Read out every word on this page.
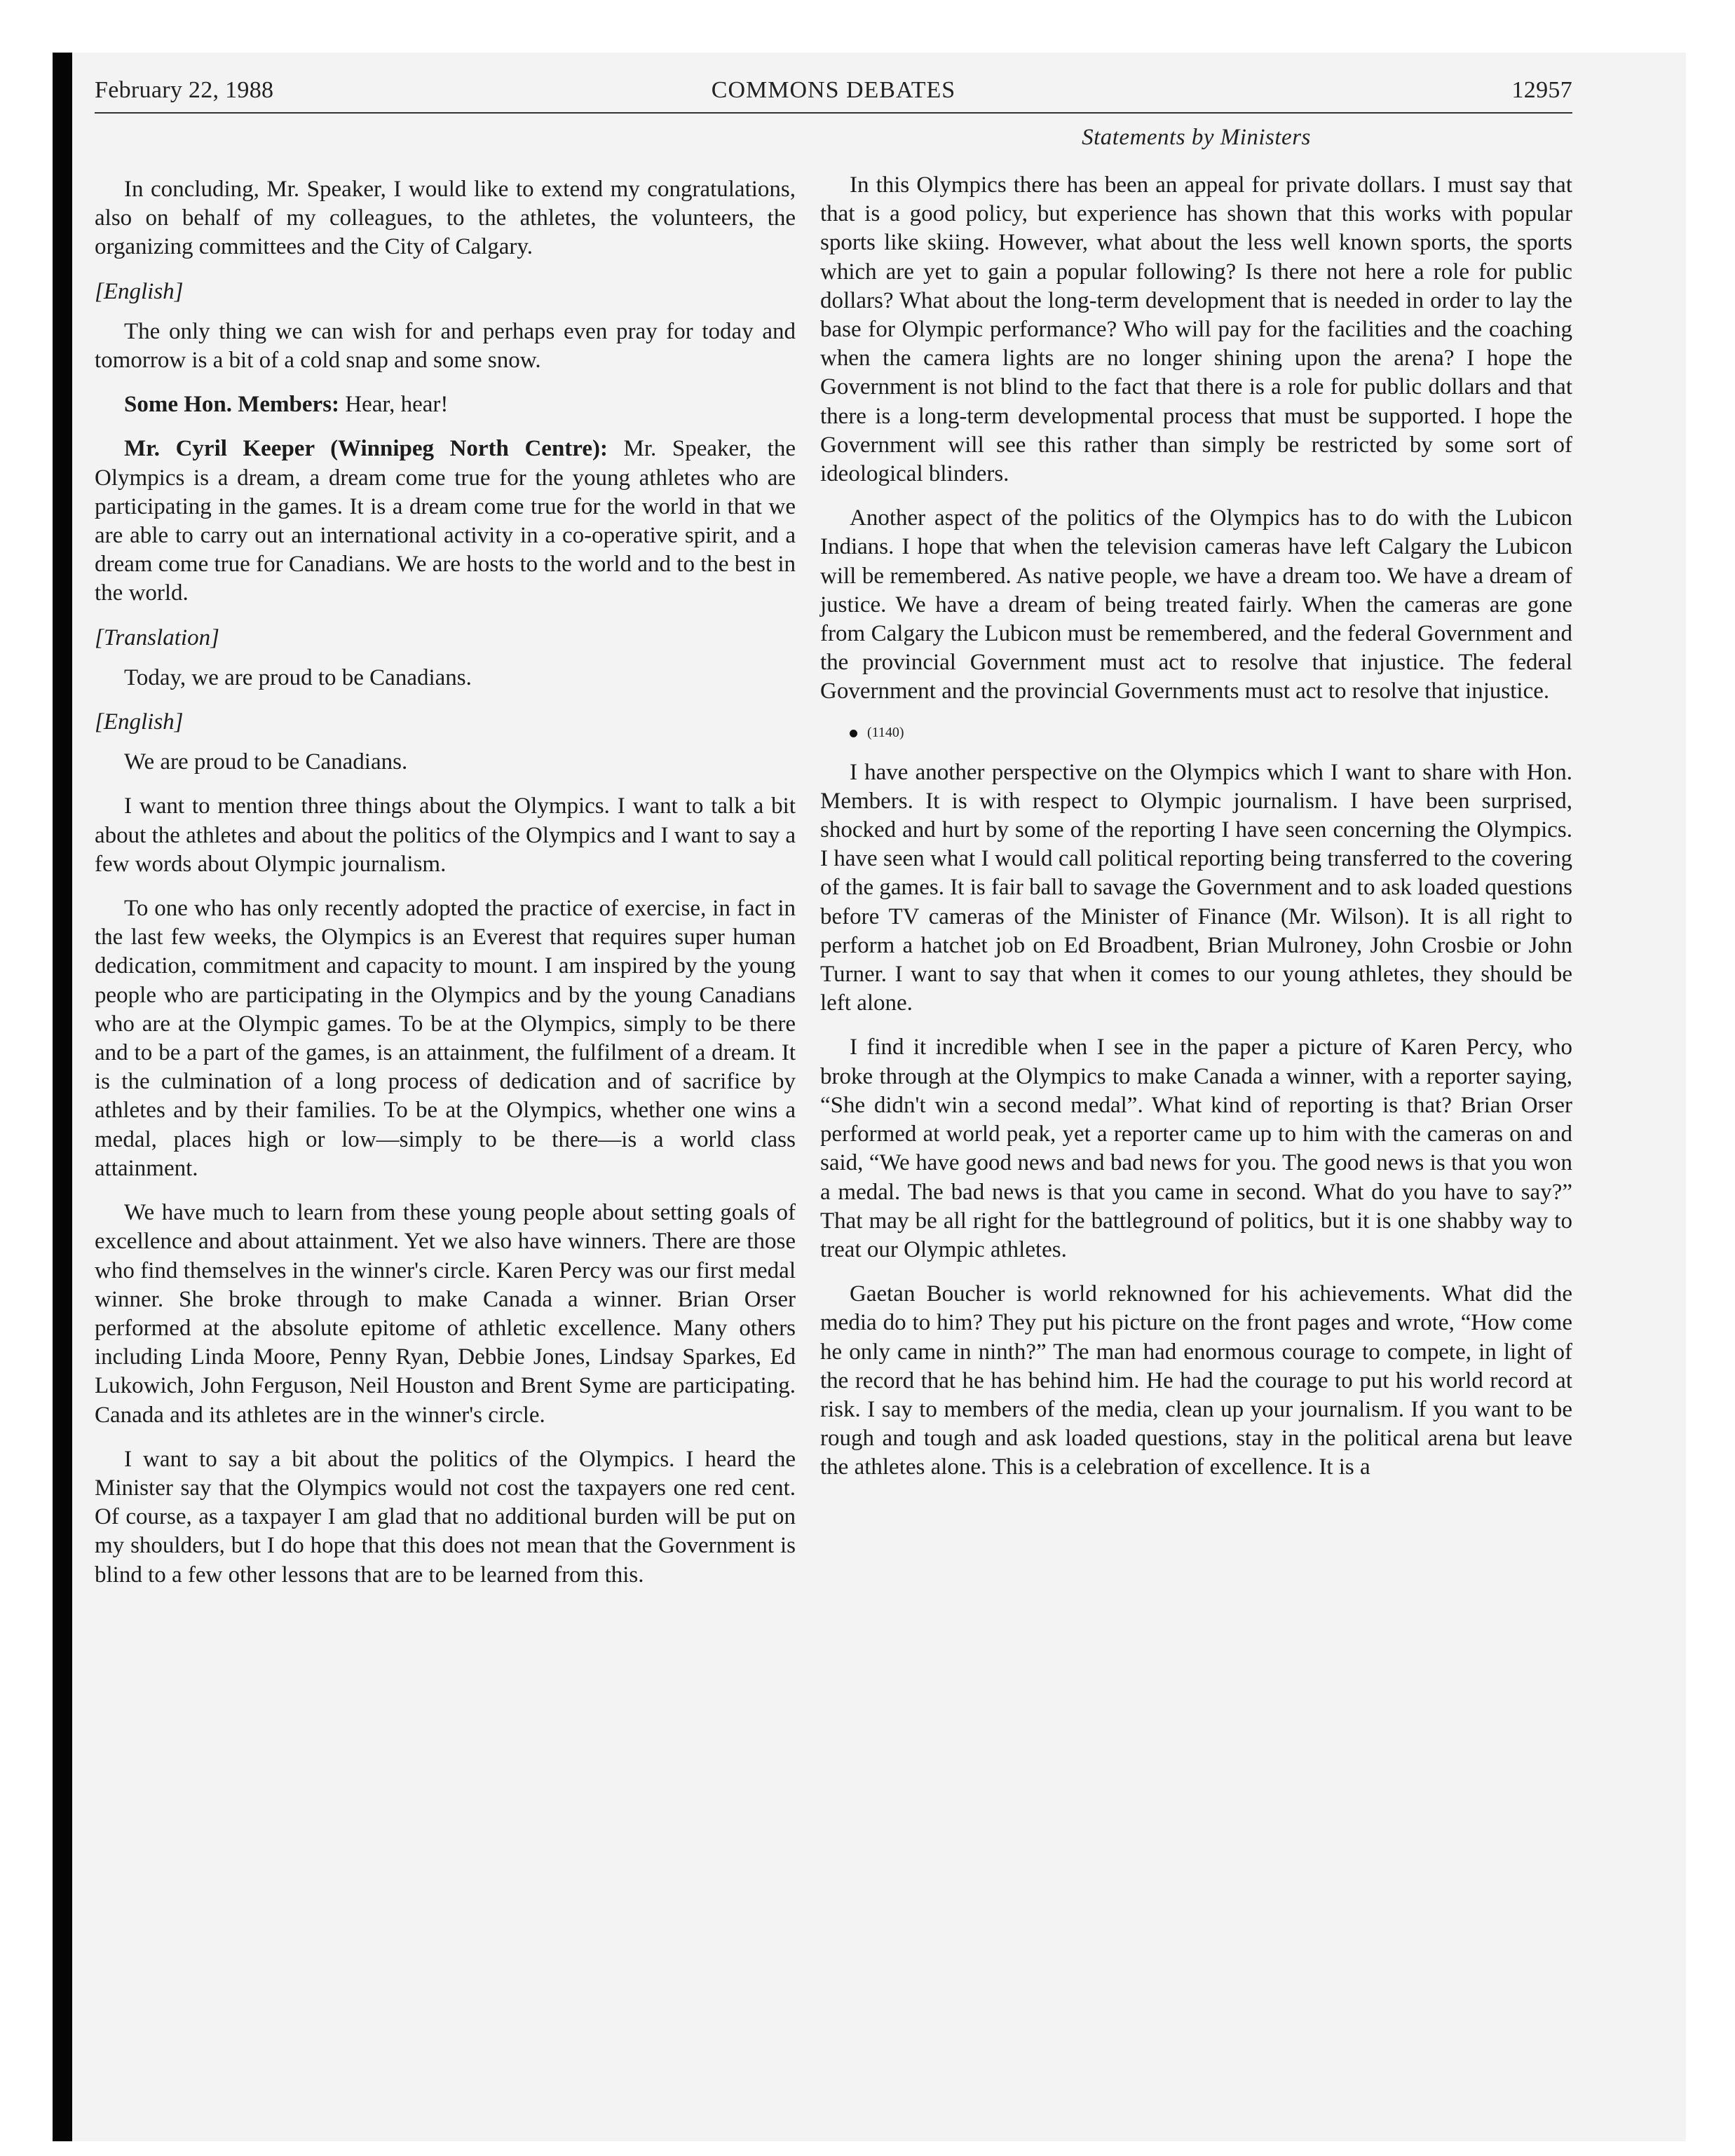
February 22, 1988	COMMONS DEBATES	12957
Statements by Ministers

In concluding, Mr. Speaker, I would like to extend my congratulations, also on behalf of my colleagues, to the athletes, the volunteers, the organizing committees and the City of Calgary.

[English]

The only thing we can wish for and perhaps even pray for today and tomorrow is a bit of a cold snap and some snow.

Some Hon. Members: Hear, hear!

Mr. Cyril Keeper (Winnipeg North Centre): Mr. Speaker, the Olympics is a dream, a dream come true for the young athletes who are participating in the games. It is a dream come true for the world in that we are able to carry out an international activity in a co-operative spirit, and a dream come true for Canadians. We are hosts to the world and to the best in the world.

[Translation]

Today, we are proud to be Canadians.

[English]

We are proud to be Canadians.

I want to mention three things about the Olympics. I want to talk a bit about the athletes and about the politics of the Olympics and I want to say a few words about Olympic journalism.

To one who has only recently adopted the practice of exercise, in fact in the last few weeks, the Olympics is an Everest that requires super human dedication, commitment and capacity to mount. I am inspired by the young people who are participating in the Olympics and by the young Canadians who are at the Olympic games. To be at the Olympics, simply to be there and to be a part of the games, is an attainment, the fulfilment of a dream. It is the culmination of a long process of dedication and of sacrifice by athletes and by their families. To be at the Olympics, whether one wins a medal, places high or low—simply to be there—is a world class attainment.

We have much to learn from these young people about setting goals of excellence and about attainment. Yet we also have winners. There are those who find themselves in the winner's circle. Karen Percy was our first medal winner. She broke through to make Canada a winner. Brian Orser performed at the absolute epitome of athletic excellence. Many others including Linda Moore, Penny Ryan, Debbie Jones, Lindsay Sparkes, Ed Lukowich, John Ferguson, Neil Houston and Brent Syme are participating. Canada and its athletes are in the winner's circle.

I want to say a bit about the politics of the Olympics. I heard the Minister say that the Olympics would not cost the taxpayers one red cent. Of course, as a taxpayer I am glad that no additional burden will be put on my shoulders, but I do hope that this does not mean that the Government is blind to a few other lessons that are to be learned from this.

In this Olympics there has been an appeal for private dollars. I must say that that is a good policy, but experience has shown that this works with popular sports like skiing. However, what about the less well known sports, the sports which are yet to gain a popular following? Is there not here a role for public dollars? What about the long-term development that is needed in order to lay the base for Olympic performance? Who will pay for the facilities and the coaching when the camera lights are no longer shining upon the arena? I hope the Government is not blind to the fact that there is a role for public dollars and that there is a long-term developmental process that must be supported. I hope the Government will see this rather than simply be restricted by some sort of ideological blinders.

Another aspect of the politics of the Olympics has to do with the Lubicon Indians. I hope that when the television cameras have left Calgary the Lubicon will be remembered. As native people, we have a dream too. We have a dream of justice. We have a dream of being treated fairly. When the cameras are gone from Calgary the Lubicon must be remembered, and the federal Government and the provincial Government must act to resolve that injustice. The federal Government and the provincial Governments must act to resolve that injustice.

(1140)

I have another perspective on the Olympics which I want to share with Hon. Members. It is with respect to Olympic journalism. I have been surprised, shocked and hurt by some of the reporting I have seen concerning the Olympics. I have seen what I would call political reporting being transferred to the covering of the games. It is fair ball to savage the Government and to ask loaded questions before TV cameras of the Minister of Finance (Mr. Wilson). It is all right to perform a hatchet job on Ed Broadbent, Brian Mulroney, John Crosbie or John Turner. I want to say that when it comes to our young athletes, they should be left alone.

I find it incredible when I see in the paper a picture of Karen Percy, who broke through at the Olympics to make Canada a winner, with a reporter saying, “She didn't win a second medal”. What kind of reporting is that? Brian Orser performed at world peak, yet a reporter came up to him with the cameras on and said, “We have good news and bad news for you. The good news is that you won a medal. The bad news is that you came in second. What do you have to say?” That may be all right for the battleground of politics, but it is one shabby way to treat our Olympic athletes.

Gaetan Boucher is world reknowned for his achievements. What did the media do to him? They put his picture on the front pages and wrote, “How come he only came in ninth?” The man had enormous courage to compete, in light of the record that he has behind him. He had the courage to put his world record at risk. I say to members of the media, clean up your journalism. If you want to be rough and tough and ask loaded questions, stay in the political arena but leave the athletes alone. This is a celebration of excellence. It is a
